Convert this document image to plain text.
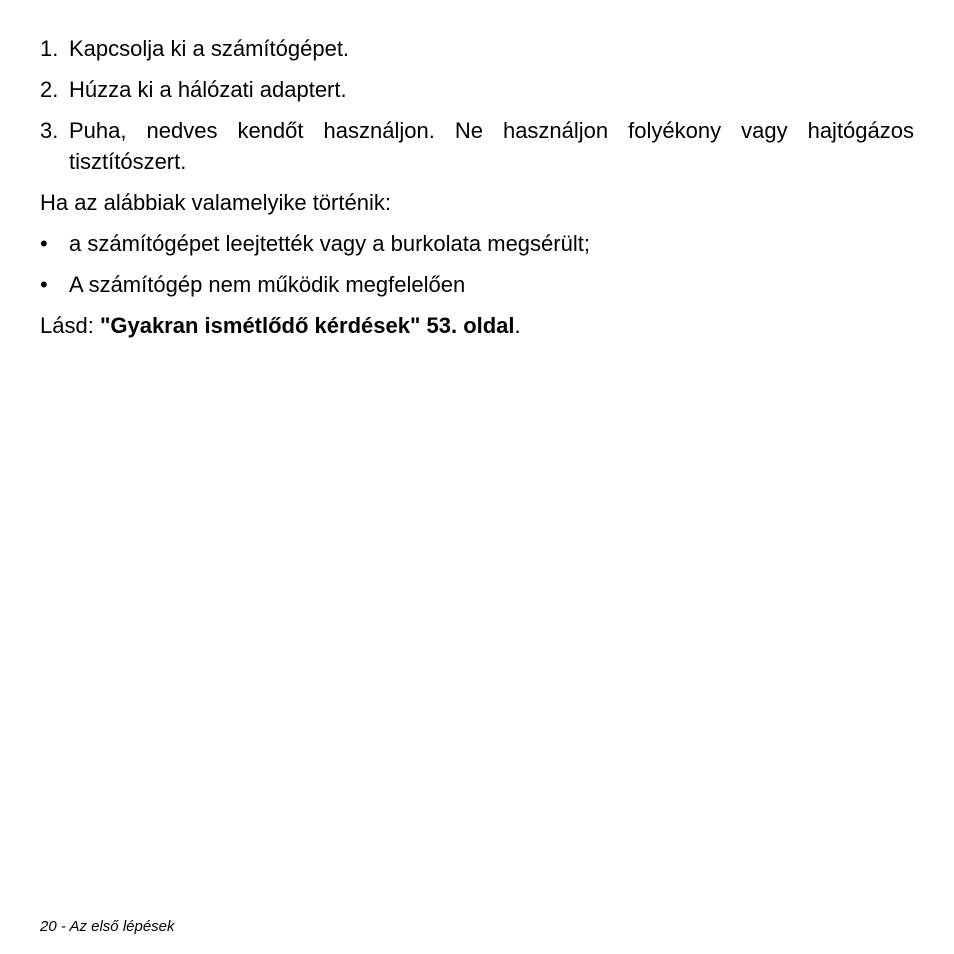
1. Kapcsolja ki a számítógépet.
2. Húzza ki a hálózati adaptert.
3. Puha, nedves kendőt használjon. Ne használjon folyékony vagy hajtógázos tisztítószert.
Ha az alábbiak valamelyike történik:
• a számítógépet leejtették vagy a burkolata megsérült;
• A számítógép nem működik megfelelően
Lásd: "Gyakran ismétlődő kérdések" 53. oldal.
20 - Az első lépések
